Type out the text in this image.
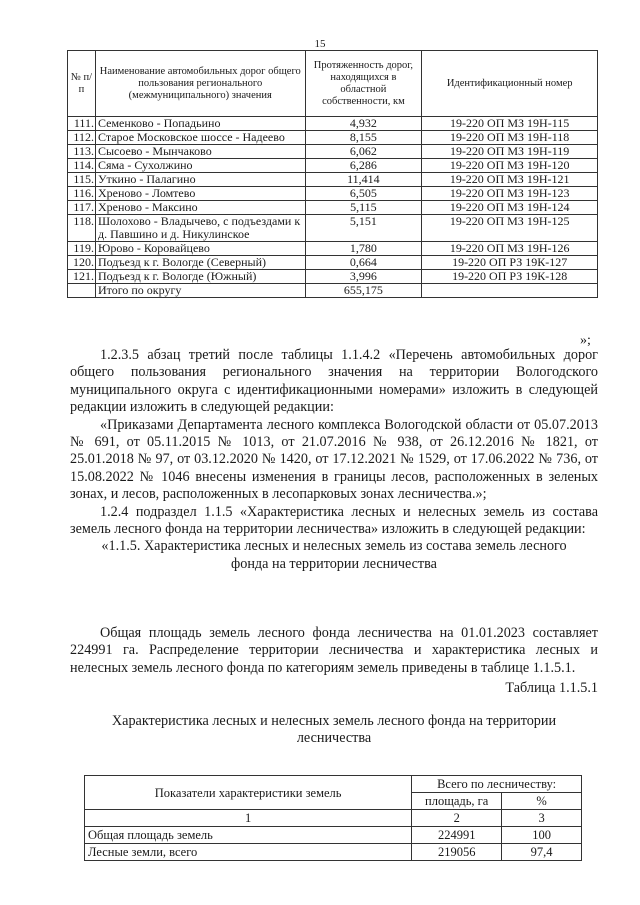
15
№ п/п	Наименование автомобильных дорог общего пользования регионального (межмуниципального) значения	Протяженность дорог, находящихся в областной собственности, км	Идентификационный номер
111.	Семенково - Попадьино	4,932	19-220 ОП МЗ 19Н-115
112.	Старое Московское шоссе - Надеево	8,155	19-220 ОП МЗ 19Н-118
113.	Сысоево - Мынчаково	6,062	19-220 ОП МЗ 19Н-119
114.	Сяма - Сухолжино	6,286	19-220 ОП МЗ 19Н-120
115.	Уткино - Палагино	11,414	19-220 ОП МЗ 19Н-121
116.	Хреново - Ломтево	6,505	19-220 ОП МЗ 19Н-123
117.	Хреново - Максино	5,115	19-220 ОП МЗ 19Н-124
118.	Шолохово - Владычево, с подъездами к д. Павшино и д. Никулинское	5,151	19-220 ОП МЗ 19Н-125
119.	Юрово - Коровайцево	1,780	19-220 ОП МЗ 19Н-126
120.	Подъезд к г. Вологде (Северный)	0,664	19-220 ОП РЗ 19К-127
121.	Подъезд к г. Вологде (Южный)	3,996	19-220 ОП РЗ 19К-128
	Итого по округу	655,175	
»;

1.2.3.5 абзац третий после таблицы 1.1.4.2 «Перечень автомобильных дорог общего пользования регионального значения на территории Вологодского муниципального округа с идентификационными номерами» изложить в следующей редакции изложить в следующей редакции:

«Приказами Департамента лесного комплекса Вологодской области от 05.07.2013 № 691, от 05.11.2015 № 1013, от 21.07.2016 № 938, от 26.12.2016 № 1821, от 25.01.2018 № 97, от 03.12.2020 № 1420, от 17.12.2021 № 1529, от 17.06.2022 № 736, от 15.08.2022 № 1046 внесены изменения в границы лесов, расположенных в зеленых зонах, и лесов, расположенных в лесопарковых зонах лесничества.»;

1.2.4 подраздел 1.1.5 «Характеристика лесных и нелесных земель из состава земель лесного фонда на территории лесничества» изложить в следующей редакции:

«1.1.5. Характеристика лесных и нелесных земель из состава земель лесного фонда на территории лесничества

Общая площадь земель лесного фонда лесничества на 01.01.2023 составляет 224991 га. Распределение территории лесничества и характеристика лесных и нелесных земель лесного фонда по категориям земель приведены в таблице 1.1.5.1.

Таблица 1.1.5.1

Характеристика лесных и нелесных земель лесного фонда на территории лесничества

Показатели характеристики земель	Всего по лесничеству:	
	площадь, га	%
1	2	3
Общая площадь земель	224991	100
Лесные земли, всего	219056	97,4
